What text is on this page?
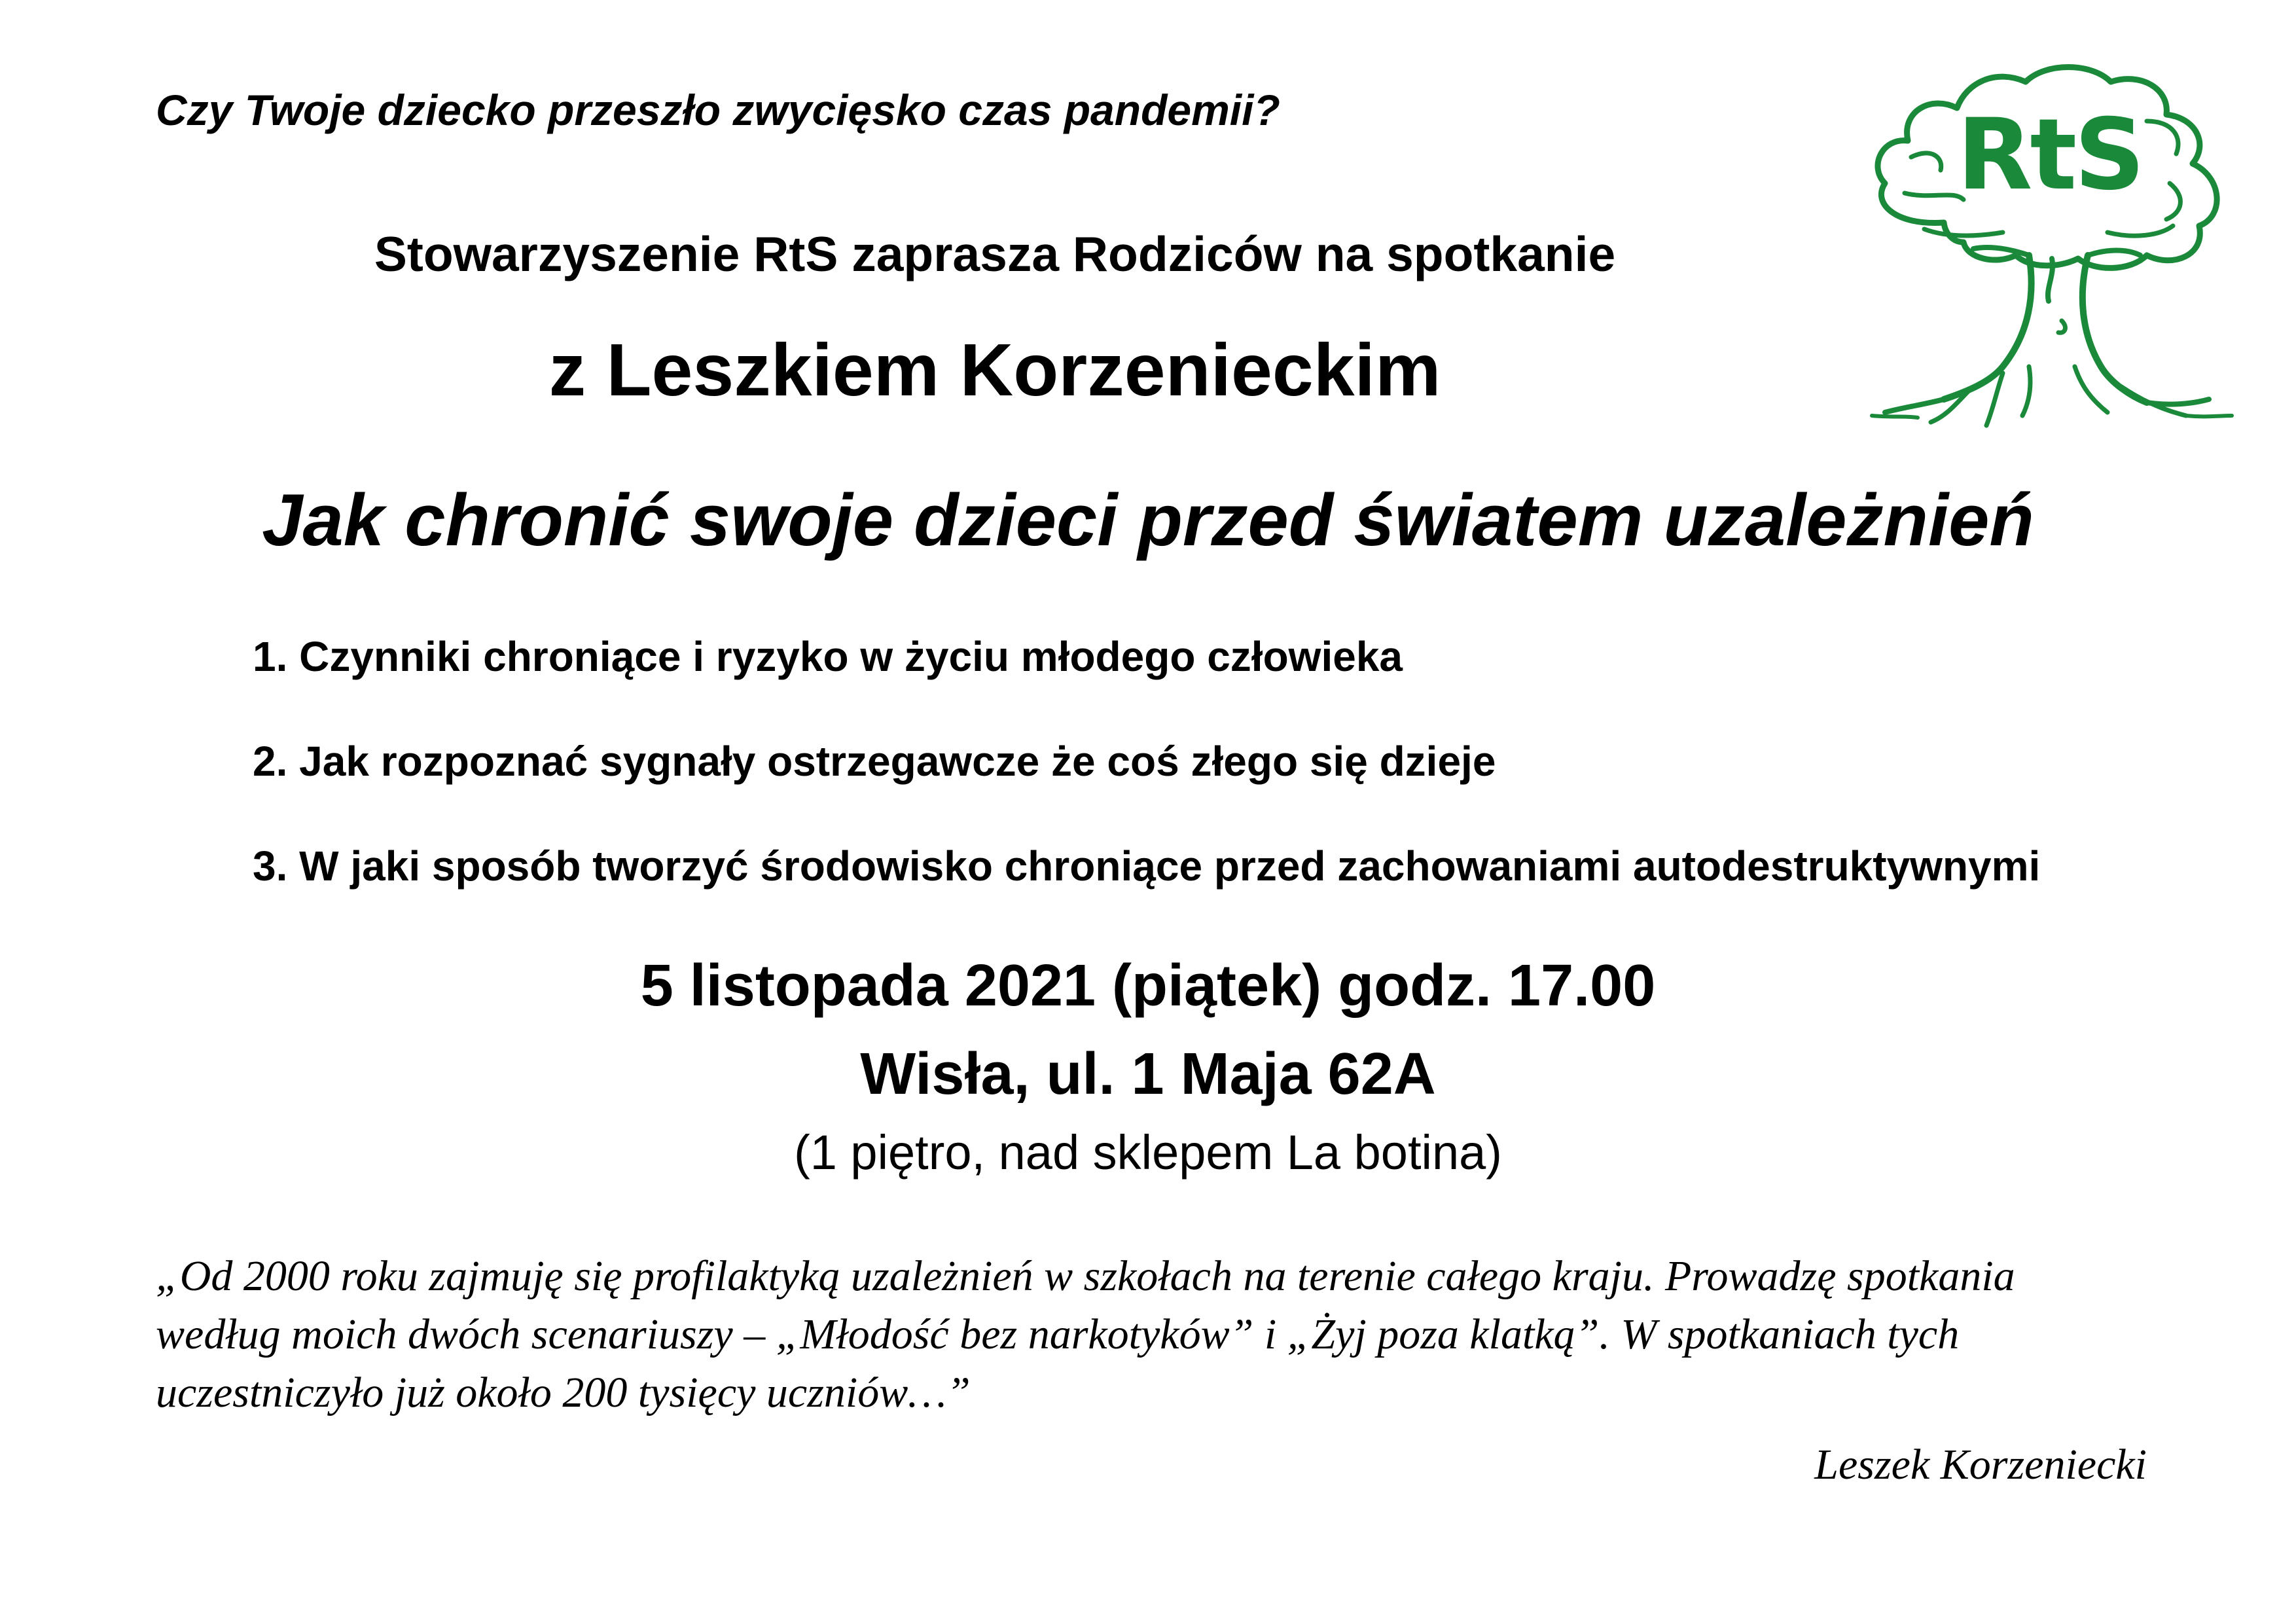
Czy Twoje dziecko przeszło zwycięsko czas pandemii?	RtS
Stowarzyszenie RtS zaprasza Rodziców na spotkanie
z Leszkiem Korzenieckim
Jak chronić swoje dzieci przed światem uzależnień
1. Czynniki chroniące i ryzyko w życiu młodego człowieka
2. Jak rozpoznać sygnały ostrzegawcze że coś złego się dzieje
3. W jaki sposób tworzyć środowisko chroniące przed zachowaniami autodestruktywnymi
5 listopada 2021 (piątek) godz. 17.00
Wisła, ul. 1 Maja 62A
(1 piętro, nad sklepem La botina)
„Od 2000 roku zajmuję się profilaktyką uzależnień w szkołach na terenie całego kraju. Prowadzę spotkania
według moich dwóch scenariuszy – „Młodość bez narkotyków” i „Żyj poza klatką”. W spotkaniach tych
uczestniczyło już około 200 tysięcy uczniów…”
Leszek Korzeniecki
